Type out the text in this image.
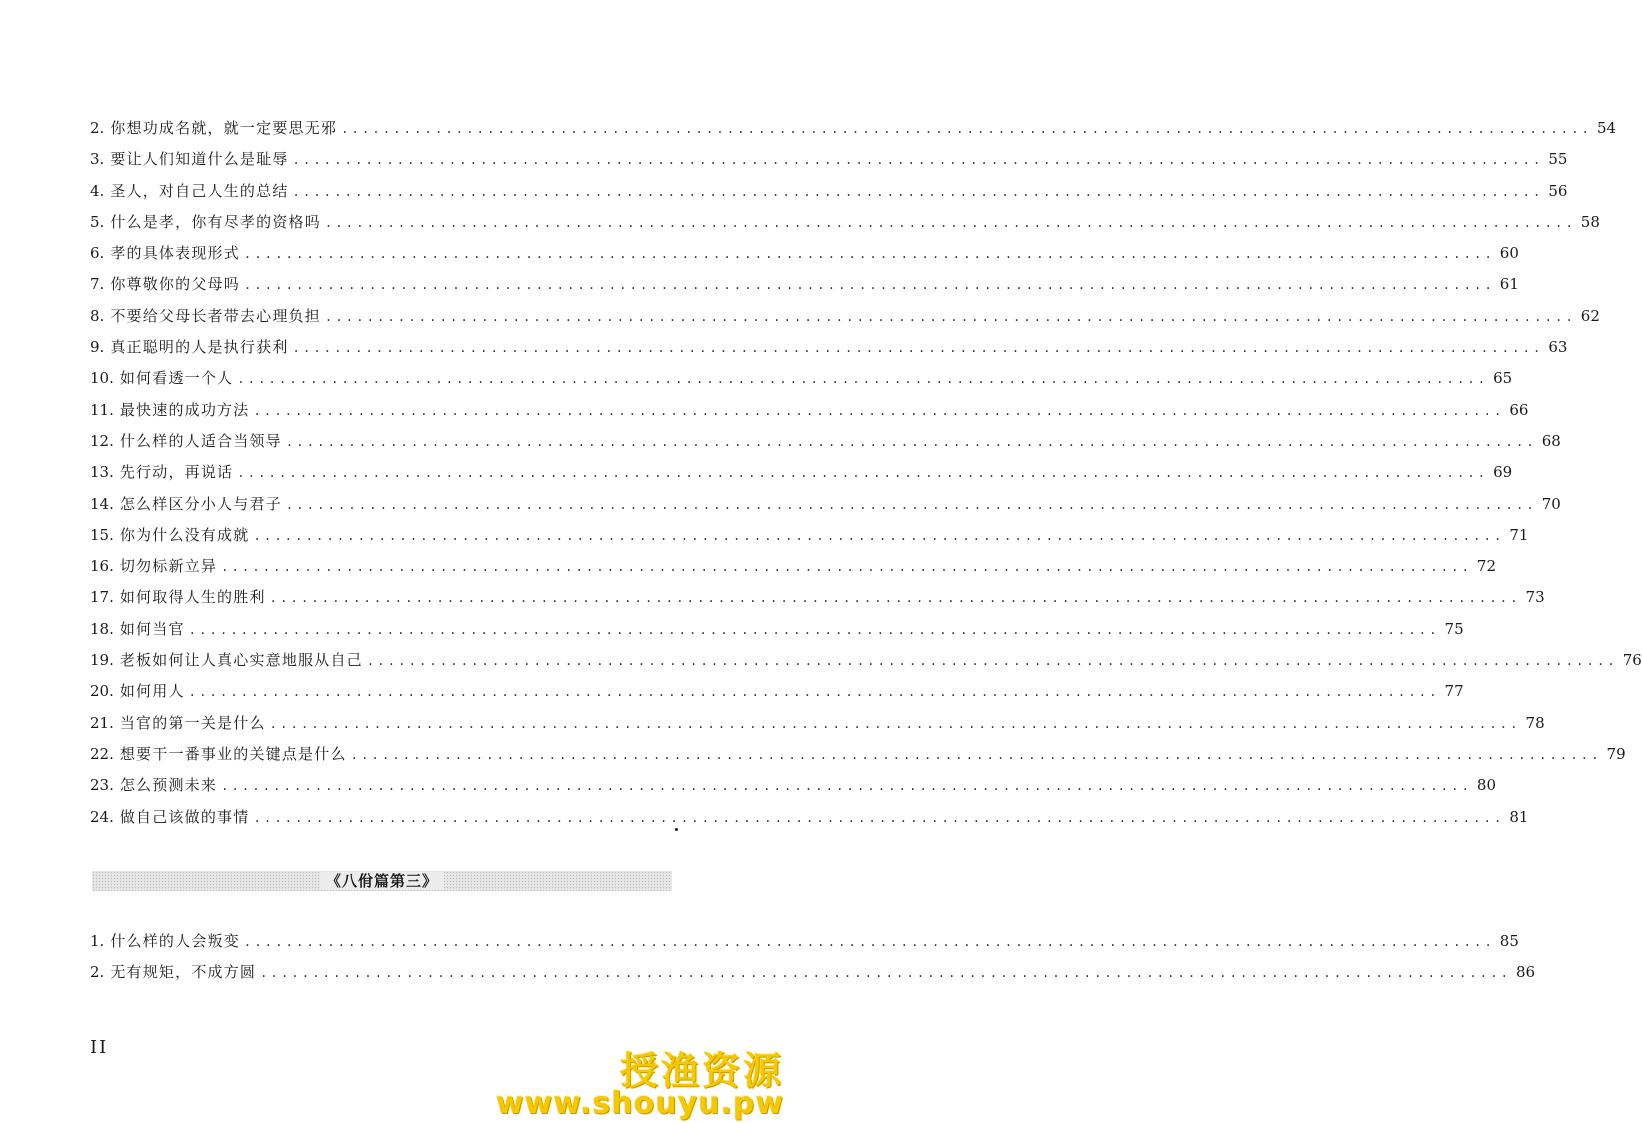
2. 你想功成名就，就一定要思无邪 ........................................................................................................................ 54
3. 要让人们知道什么是耻辱 ........................................................................................................................ 55
4. 圣人，对自己人生的总结 ........................................................................................................................ 56
5. 什么是孝，你有尽孝的资格吗 ........................................................................................................................ 58
6. 孝的具体表现形式 ........................................................................................................................ 60
7. 你尊敬你的父母吗 ........................................................................................................................ 61
8. 不要给父母长者带去心理负担 ........................................................................................................................ 62
9. 真正聪明的人是执行获利 ........................................................................................................................ 63
10. 如何看透一个人 ........................................................................................................................ 65
11. 最快速的成功方法 ........................................................................................................................ 66
12. 什么样的人适合当领导 ........................................................................................................................ 68
13. 先行动，再说话 ........................................................................................................................ 69
14. 怎么样区分小人与君子 ........................................................................................................................ 70
15. 你为什么没有成就 ........................................................................................................................ 71
16. 切勿标新立异 ........................................................................................................................ 72
17. 如何取得人生的胜利 ........................................................................................................................ 73
18. 如何当官 ........................................................................................................................ 75
19. 老板如何让人真心实意地服从自己 ........................................................................................................................ 76
20. 如何用人 ........................................................................................................................ 77
21. 当官的第一关是什么 ........................................................................................................................ 78
22. 想要干一番事业的关键点是什么 ........................................................................................................................ 79
23. 怎么预测未来 ........................................................................................................................ 80
24. 做自己该做的事情 ........................................................................................................................ 81
《八佾篇第三》
1. 什么样的人会叛变 ........................................................................................................................ 85
2. 无有规矩，不成方圆 ........................................................................................................................ 86
II
授渔资源
www.shouyu.pw
